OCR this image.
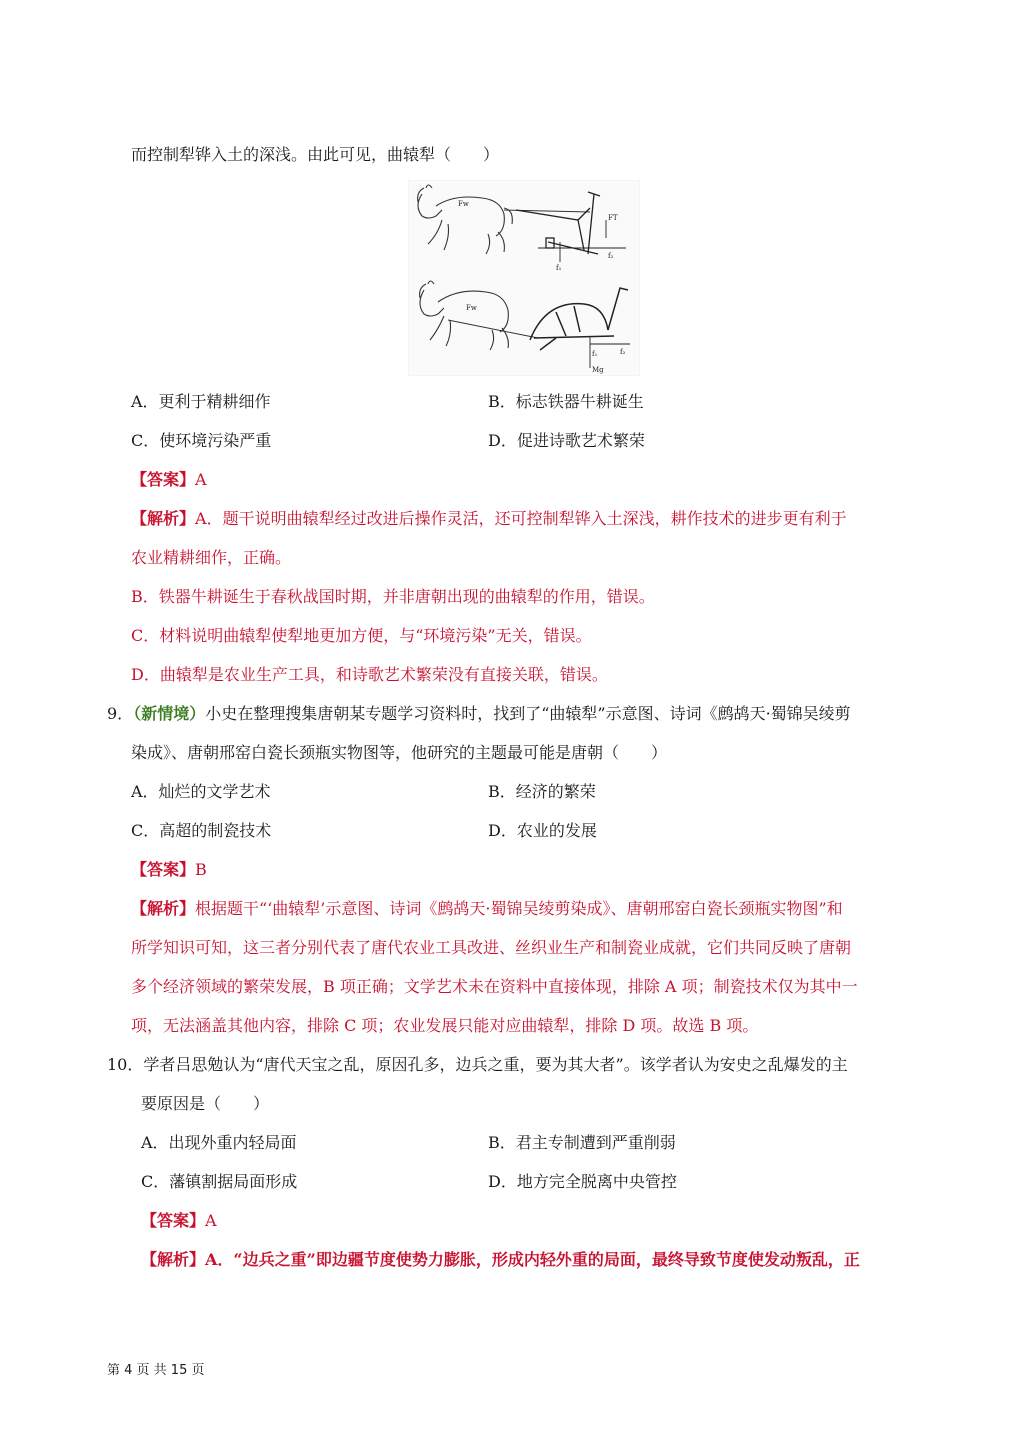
而控制犁铧入土的深浅。由此可见，曲辕犁（　　）
Fw
FT
f₁
f₂
Fw
f₁	f₂
Mg
A．更利于精耕细作	B．标志铁器牛耕诞生
C．使环境污染严重	D．促进诗歌艺术繁荣
【答案】A
【解析】A．题干说明曲辕犁经过改进后操作灵活，还可控制犁铧入土深浅，耕作技术的进步更有利于
农业精耕细作，正确。
B．铁器牛耕诞生于春秋战国时期，并非唐朝出现的曲辕犁的作用，错误。
C．材料说明曲辕犁使犁地更加方便，与“环境污染”无关，错误。
D．曲辕犁是农业生产工具，和诗歌艺术繁荣没有直接关联，错误。
9．（新情境）小史在整理搜集唐朝某专题学习资料时，找到了“曲辕犁”示意图、诗词《鹧鸪天·蜀锦吴绫剪
染成》、唐朝邢窑白瓷长颈瓶实物图等，他研究的主题最可能是唐朝（　　）
A．灿烂的文学艺术	B．经济的繁荣
C．高超的制瓷技术	D．农业的发展
【答案】B
【解析】根据题干“‘曲辕犁’示意图、诗词《鹧鸪天·蜀锦吴绫剪染成》、唐朝邢窑白瓷长颈瓶实物图”和
所学知识可知，这三者分别代表了唐代农业工具改进、丝织业生产和制瓷业成就，它们共同反映了唐朝
多个经济领域的繁荣发展，B 项正确；文学艺术未在资料中直接体现，排除 A 项；制瓷技术仅为其中一
项，无法涵盖其他内容，排除 C 项；农业发展只能对应曲辕犁，排除 D 项。故选 B 项。
10．学者吕思勉认为“唐代天宝之乱，原因孔多，边兵之重，要为其大者”。该学者认为安史之乱爆发的主
要原因是（　　）
A．出现外重内轻局面	B．君主专制遭到严重削弱
C．藩镇割据局面形成	D．地方完全脱离中央管控
【答案】A
【解析】A．“边兵之重”即边疆节度使势力膨胀，形成内轻外重的局面，最终导致节度使发动叛乱，正
第 4 页 共 15 页
